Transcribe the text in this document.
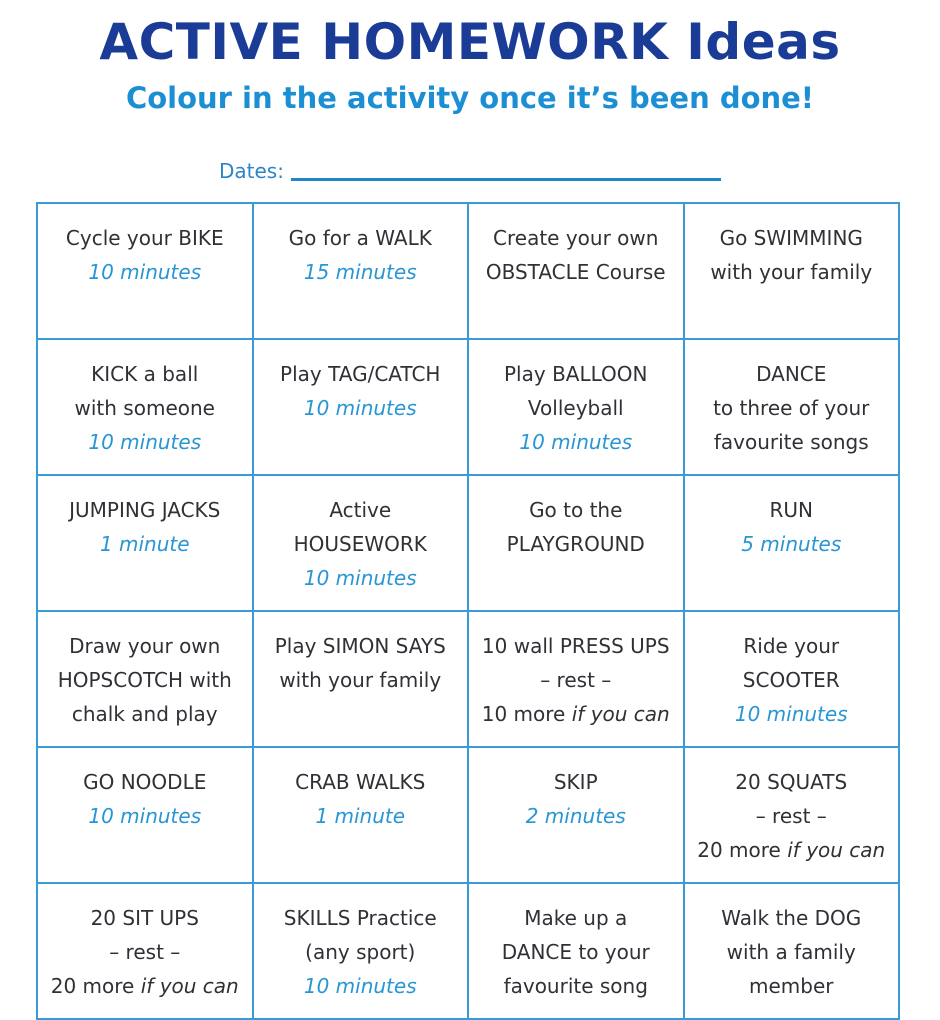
ACTIVE HOMEWORK Ideas
Colour in the activity once it’s been done!
Dates:
Cycle your BIKE
10 minutes
Go for a WALK
15 minutes
Create your own
OBSTACLE Course
Go SWIMMING
with your family
KICK a ball
with someone
10 minutes
Play TAG/CATCH
10 minutes
Play BALLOON
Volleyball
10 minutes
DANCE
to three of your
favourite songs
JUMPING JACKS
1 minute
Active
HOUSEWORK
10 minutes
Go to the
PLAYGROUND
RUN
5 minutes
Draw your own
HOPSCOTCH with
chalk and play
Play SIMON SAYS
with your family
10 wall PRESS UPS
– rest –
10 more if you can
Ride your
SCOOTER
10 minutes
GO NOODLE
10 minutes
CRAB WALKS
1 minute
SKIP
2 minutes
20 SQUATS
– rest –
20 more if you can
20 SIT UPS
– rest –
20 more if you can
SKILLS Practice
(any sport)
10 minutes
Make up a
DANCE to your
favourite song
Walk the DOG
with a family
member
